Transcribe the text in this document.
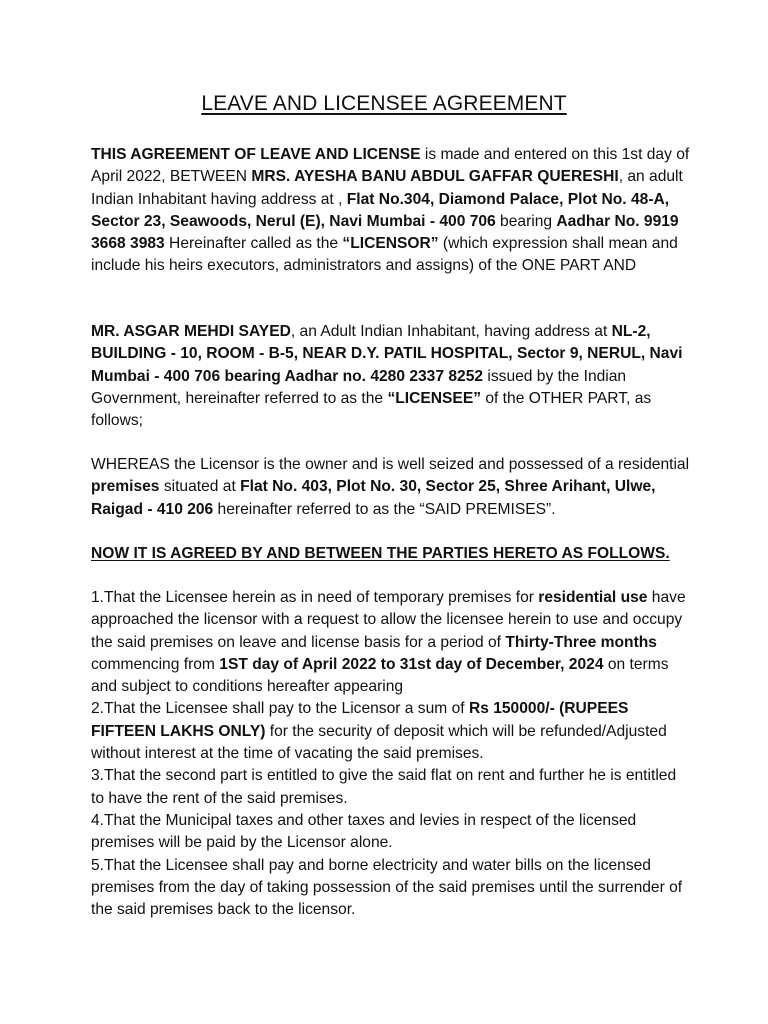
LEAVE AND LICENSEE AGREEMENT

THIS AGREEMENT OF LEAVE AND LICENSE is made and entered on this 1st day of April 2022, BETWEEN MRS. AYESHA BANU ABDUL GAFFAR QUERESHI, an adult Indian Inhabitant having address at , Flat No.304, Diamond Palace, Plot No. 48-A, Sector 23, Seawoods, Nerul (E), Navi Mumbai - 400 706 bearing Aadhar No. 9919 3668 3983 Hereinafter called as the “LICENSOR” (which expression shall mean and include his heirs executors, administrators and assigns) of the ONE PART AND

MR. ASGAR MEHDI SAYED, an Adult Indian Inhabitant, having address at NL-2, BUILDING - 10, ROOM - B-5, NEAR D.Y. PATIL HOSPITAL, Sector 9, NERUL, Navi Mumbai - 400 706 bearing Aadhar no. 4280 2337 8252 issued by the Indian Government, hereinafter referred to as the “LICENSEE” of the OTHER PART, as follows;

WHEREAS the Licensor is the owner and is well seized and possessed of a residential premises situated at Flat No. 403, Plot No. 30, Sector 25, Shree Arihant, Ulwe, Raigad - 410 206 hereinafter referred to as the “SAID PREMISES”.

NOW IT IS AGREED BY AND BETWEEN THE PARTIES HERETO AS FOLLOWS.

1.That the Licensee herein as in need of temporary premises for residential use have approached the licensor with a request to allow the licensee herein to use and occupy the said premises on leave and license basis for a period of Thirty-Three months commencing from 1ST day of April 2022 to 31st day of December, 2024 on terms and subject to conditions hereafter appearing

2.That the Licensee shall pay to the Licensor a sum of Rs 150000/- (RUPEES FIFTEEN LAKHS ONLY) for the security of deposit which will be refunded/Adjusted without interest at the time of vacating the said premises.

3.That the second part is entitled to give the said flat on rent and further he is entitled to have the rent of the said premises.

4.That the Municipal taxes and other taxes and levies in respect of the licensed premises will be paid by the Licensor alone.

5.That the Licensee shall pay and borne electricity and water bills on the licensed premises from the day of taking possession of the said premises until the surrender of the said premises back to the licensor.
